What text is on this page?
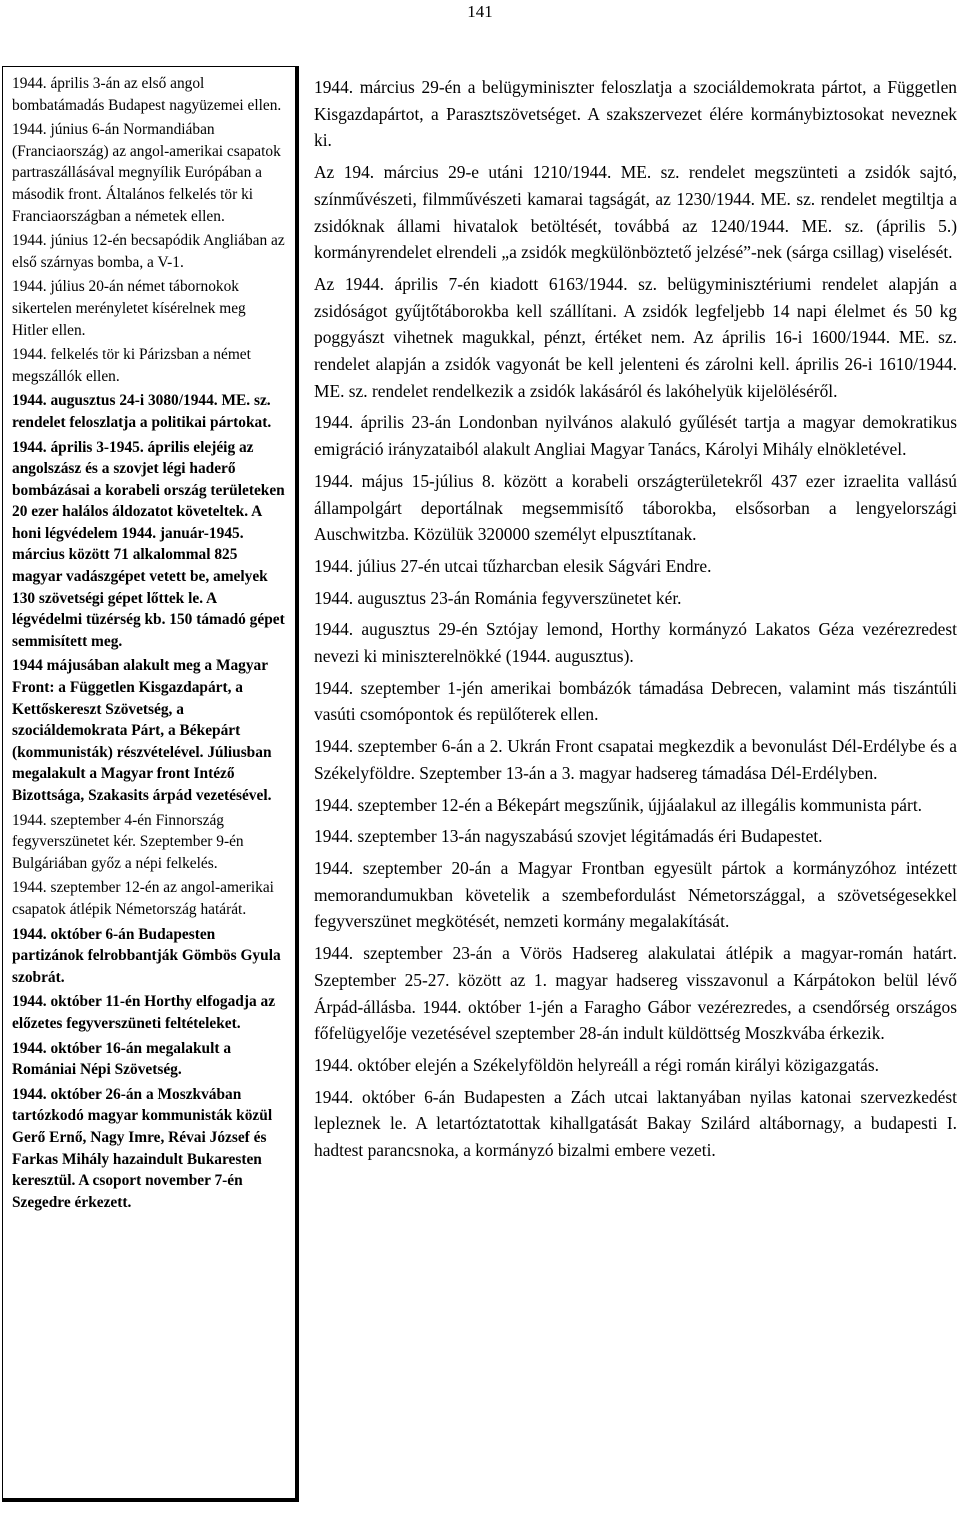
141

1944. április 3-án az első angol bombatámadás Budapest nagyüzemei ellen.

1944. június 6-án Normandiában (Franciaország) az angol-amerikai csapatok partraszállásával megnyílik Európában a második front. Általános felkelés tör ki Franciaországban a németek ellen.

1944. június 12-én becsapódik Angliában az első szárnyas bomba, a V-1.

1944. július 20-án német tábornokok sikertelen merényletet kísérelnek meg Hitler ellen.

1944. felkelés tör ki Párizsban a német megszállók ellen.

1944. augusztus 24-i 3080/1944. ME. sz. rendelet feloszlatja a politikai pártokat.

1944. április 3-1945. április elejéig az angolszász és a szovjet légi haderő bombázásai a korabeli ország területeken 20 ezer halálos áldozatot követeltek. A honi légvédelem 1944. január-1945. március között 71 alkalommal 825 magyar vadászgépet vetett be, amelyek 130 szövetségi gépet lőttek le. A légvédelmi tüzérség kb. 150 támadó gépet semmisített meg.

1944 májusában alakult meg a Magyar Front: a Független Kisgazdapárt, a Kettőskereszt Szövetség, a szociáldemokrata Párt, a Békepárt (kommunisták) részvételével. Júliusban megalakult a Magyar front Intéző Bizottsága, Szakasits árpád vezetésével.

1944. szeptember 4-én Finnország fegyverszünetet kér. Szeptember 9-én Bulgáriában győz a népi felkelés.

1944. szeptember 12-én az angol-amerikai csapatok átlépik Németország határát.

1944. október 6-án Budapesten partizánok felrobbantják Gömbös Gyula szobrát.

1944. október 11-én Horthy elfogadja az előzetes fegyverszüneti feltételeket.

1944. október 16-án megalakult a Romániai Népi Szövetség.

1944. október 26-án a Moszkvában tartózkodó magyar kommunisták közül Gerő Ernő, Nagy Imre, Révai József és Farkas Mihály hazaindult Bukaresten keresztül. A csoport november 7-én Szegedre érkezett.

1944. március 29-én a belügyminiszter feloszlatja a szociáldemokrata pártot, a Független Kisgazdapártot, a Parasztszövetséget. A szakszervezet élére kormánybiztosokat neveznek ki.

Az 194. március 29-e utáni 1210/1944. ME. sz. rendelet megszünteti a zsidók sajtó, színművészeti, filmművészeti kamarai tagságát, az 1230/1944. ME. sz. rendelet megtiltja a zsidóknak állami hivatalok betöltését, továbbá az 1240/1944. ME. sz. (április 5.) kormányrendelet elrendeli „a zsidók megkülönböztető jelzésé”-nek (sárga csillag) viselését.

Az 1944. április 7-én kiadott 6163/1944. sz. belügyminisztériumi rendelet alapján a zsidóságot gyűjtőtáborokba kell szállítani. A zsidók legfeljebb 14 napi élelmet és 50 kg poggyászt vihetnek magukkal, pénzt, értéket nem. Az április 16-i 1600/1944. ME. sz. rendelet alapján a zsidók vagyonát be kell jelenteni és zárolni kell. április 26-i 1610/1944. ME. sz. rendelet rendelkezik a zsidók lakásáról és lakóhelyük kijelöléséről.

1944. április 23-án Londonban nyilvános alakuló gyűlését tartja a magyar demokratikus emigráció irányzataiból alakult Angliai Magyar Tanács, Károlyi Mihály elnökletével.

1944. május 15-július 8. között a korabeli országterületekről 437 ezer izraelita vallású állampolgárt deportálnak megsemmisítő táborokba, elsősorban a lengyelországi Auschwitzba. Közülük 320000 személyt elpusztítanak.

1944. július 27-én utcai tűzharcban elesik Ságvári Endre.

1944. augusztus 23-án Románia fegyverszünetet kér.

1944. augusztus 29-én Sztójay lemond, Horthy kormányzó Lakatos Géza vezérezredest nevezi ki miniszterelnökké (1944. augusztus).

1944. szeptember 1-jén amerikai bombázók támadása Debrecen, valamint más tiszántúli vasúti csomópontok és repülőterek ellen.

1944. szeptember 6-án a 2. Ukrán Front csapatai megkezdik a bevonulást Dél-Erdélybe és a Székelyföldre. Szeptember 13-án a 3. magyar hadsereg támadása Dél-Erdélyben.

1944. szeptember 12-én a Békepárt megszűnik, újjáalakul az illegális kommunista párt.

1944. szeptember 13-án nagyszabású szovjet légitámadás éri Budapestet.

1944. szeptember 20-án a Magyar Frontban egyesült pártok a kormányzóhoz intézett memorandumukban követelik a szembefordulást Németországgal, a szövetségesekkel fegyverszünet megkötését, nemzeti kormány megalakítását.

1944. szeptember 23-án a Vörös Hadsereg alakulatai átlépik a magyar-román határt. Szeptember 25-27. között az 1. magyar hadsereg visszavonul a Kárpátokon belül lévő Árpád-állásba. 1944. október 1-jén a Faragho Gábor vezérezredes, a csendőrség országos főfelügyelője vezetésével szeptember 28-án indult küldöttség Moszkvába érkezik.

1944. október elején a Székelyföldön helyreáll a régi román királyi közigazgatás.

1944. október 6-án Budapesten a Zách utcai laktanyában nyilas katonai szervezkedést lepleznek le. A letartóztatottak kihallgatását Bakay Szilárd altábornagy, a budapesti I. hadtest parancsnoka, a kormányzó bizalmi embere vezeti.
